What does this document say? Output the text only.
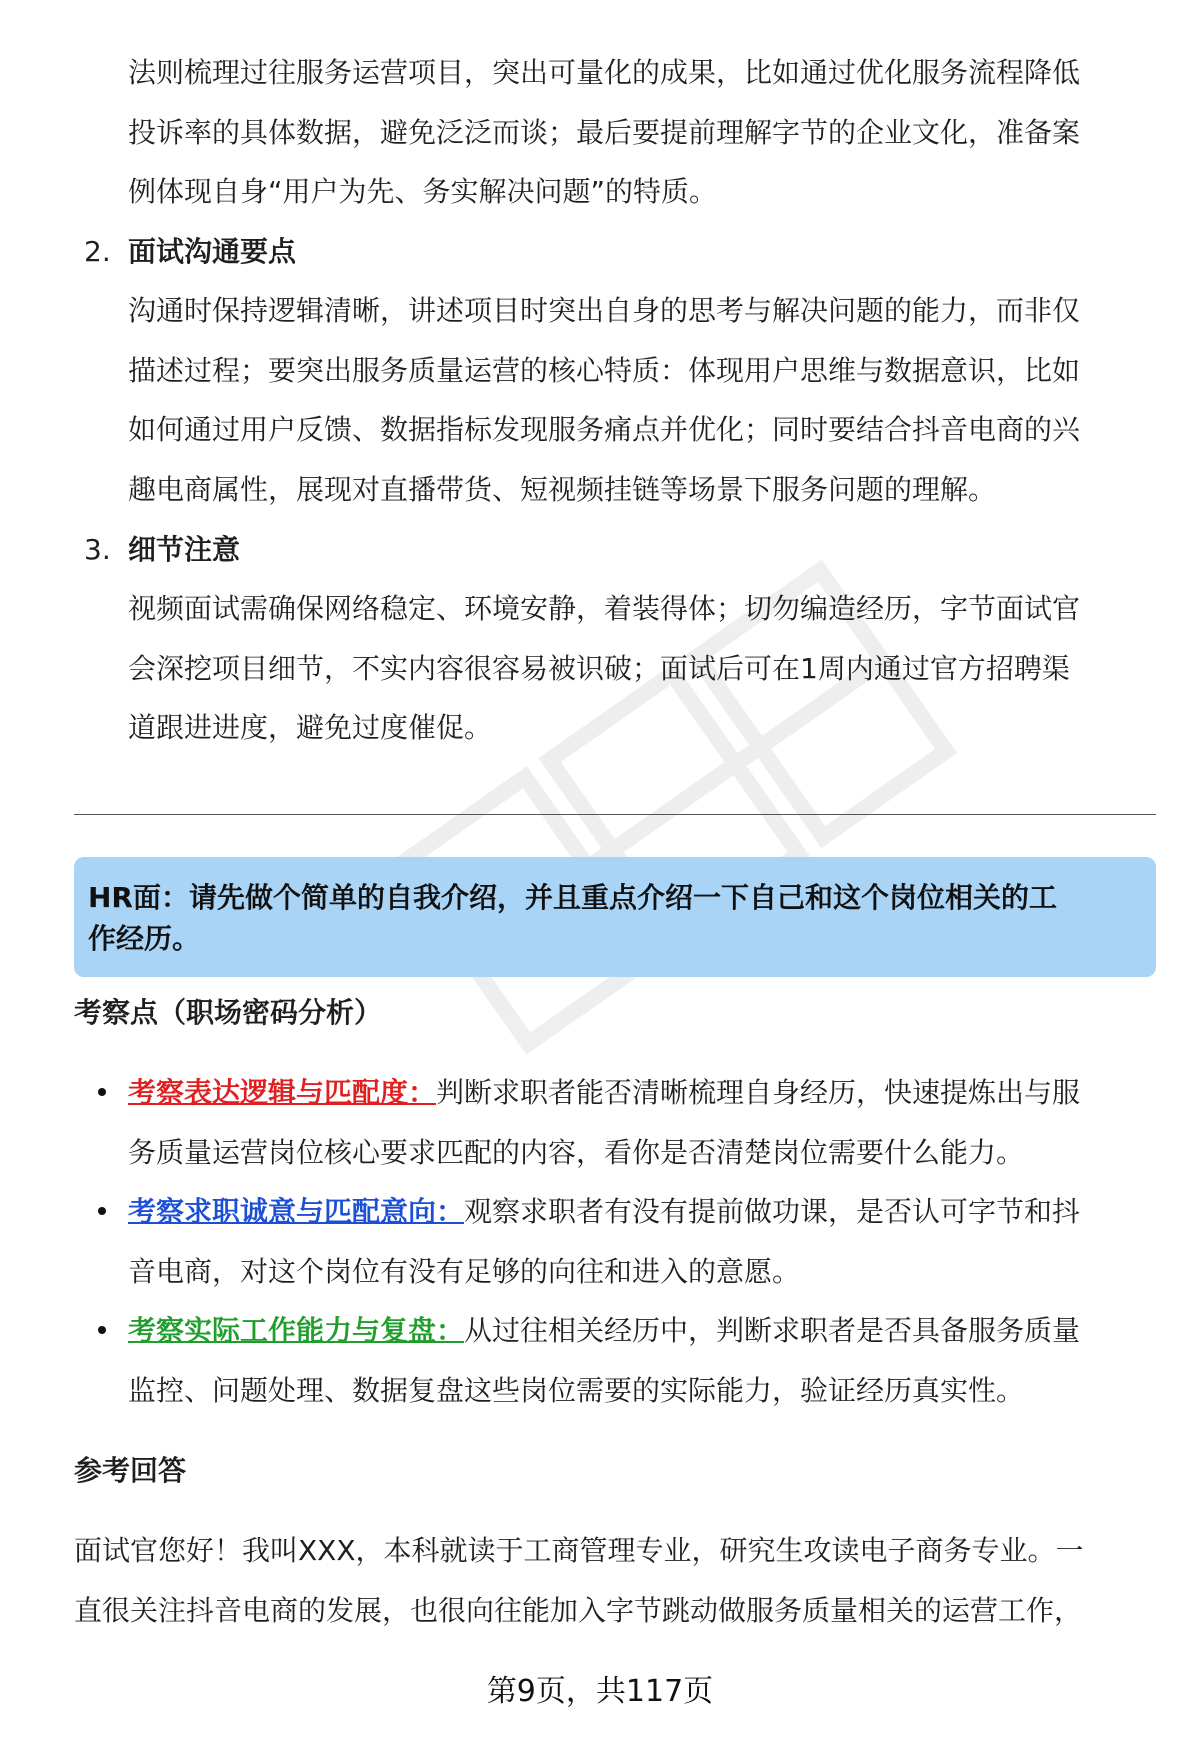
法则梳理过往服务运营项目，突出可量化的成果，比如通过优化服务流程降低
投诉率的具体数据，避免泛泛而谈；最后要提前理解字节的企业文化，准备案
例体现自身“用户为先、务实解决问题”的特质。

2. 面试沟通要点

沟通时保持逻辑清晰，讲述项目时突出自身的思考与解决问题的能力，而非仅
描述过程；要突出服务质量运营的核心特质：体现用户思维与数据意识，比如
如何通过用户反馈、数据指标发现服务痛点并优化；同时要结合抖音电商的兴
趣电商属性，展现对直播带货、短视频挂链等场景下服务问题的理解。

3. 细节注意

视频面试需确保网络稳定、环境安静，着装得体；切勿编造经历，字节面试官
会深挖项目细节，不实内容很容易被识破；面试后可在1周内通过官方招聘渠
道跟进进度，避免过度催促。

HR面：请先做个简单的自我介绍，并且重点介绍一下自己和这个岗位相关的工
作经历。

考察点（职场密码分析）

考察表达逻辑与匹配度：判断求职者能否清晰梳理自身经历，快速提炼出与服
务质量运营岗位核心要求匹配的内容，看你是否清楚岗位需要什么能力。

考察求职诚意与匹配意向：观察求职者有没有提前做功课，是否认可字节和抖
音电商，对这个岗位有没有足够的向往和进入的意愿。

考察实际工作能力与复盘：从过往相关经历中，判断求职者是否具备服务质量
监控、问题处理、数据复盘这些岗位需要的实际能力，验证经历真实性。

参考回答

面试官您好！我叫XXX，本科就读于工商管理专业，研究生攻读电子商务专业。一
直很关注抖音电商的发展，也很向往能加入字节跳动做服务质量相关的运营工作，

第9页，共117页
